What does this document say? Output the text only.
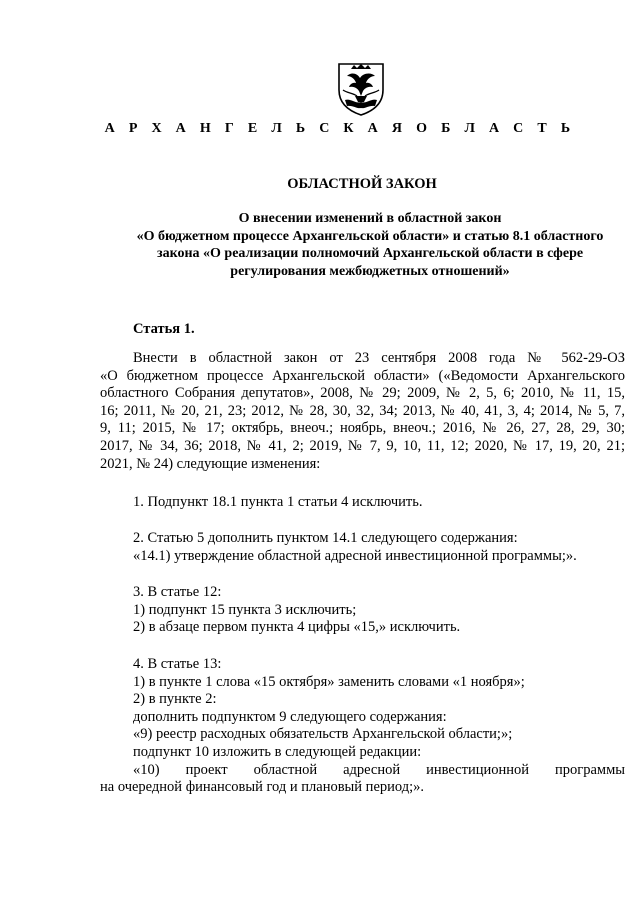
А Р Х А Н Г Е Л Ь С К А Я О Б Л А С Т Ь
ОБЛАСТНОЙ ЗАКОН
О внесении изменений в областной закон
«О бюджетном процессе Архангельской области» и статью 8.1 областного
закона «О реализации полномочий Архангельской области в сфере
регулирования межбюджетных отношений»
Статья 1.
Внести в областной закон от 23 сентября 2008 года № 562-29-ОЗ
«О бюджетном процессе Архангельской области» («Ведомости Архангельского
областного Собрания депутатов», 2008, № 29; 2009, № 2, 5, 6; 2010, № 11, 15,
16; 2011, № 20, 21, 23; 2012, № 28, 30, 32, 34; 2013, № 40, 41, 3, 4; 2014, № 5, 7,
9, 11; 2015, № 17; октябрь, внеоч.; ноябрь, внеоч.; 2016, № 26, 27, 28, 29, 30;
2017, № 34, 36; 2018, № 41, 2; 2019, № 7, 9, 10, 11, 12; 2020, № 17, 19, 20, 21;
2021, № 24) следующие изменения:
1. Подпункт 18.1 пункта 1 статьи 4 исключить.
2. Статью 5 дополнить пунктом 14.1 следующего содержания:
«14.1) утверждение областной адресной инвестиционной программы;».
3. В статье 12:
1) подпункт 15 пункта 3 исключить;
2) в абзаце первом пункта 4 цифры «15,» исключить.
4. В статье 13:
1) в пункте 1 слова «15 октября» заменить словами «1 ноября»;
2) в пункте 2:
дополнить подпунктом 9 следующего содержания:
«9) реестр расходных обязательств Архангельской области;»;
подпункт 10 изложить в следующей редакции:
«10) проект областной адресной инвестиционной программы
на очередной финансовый год и плановый период;».
